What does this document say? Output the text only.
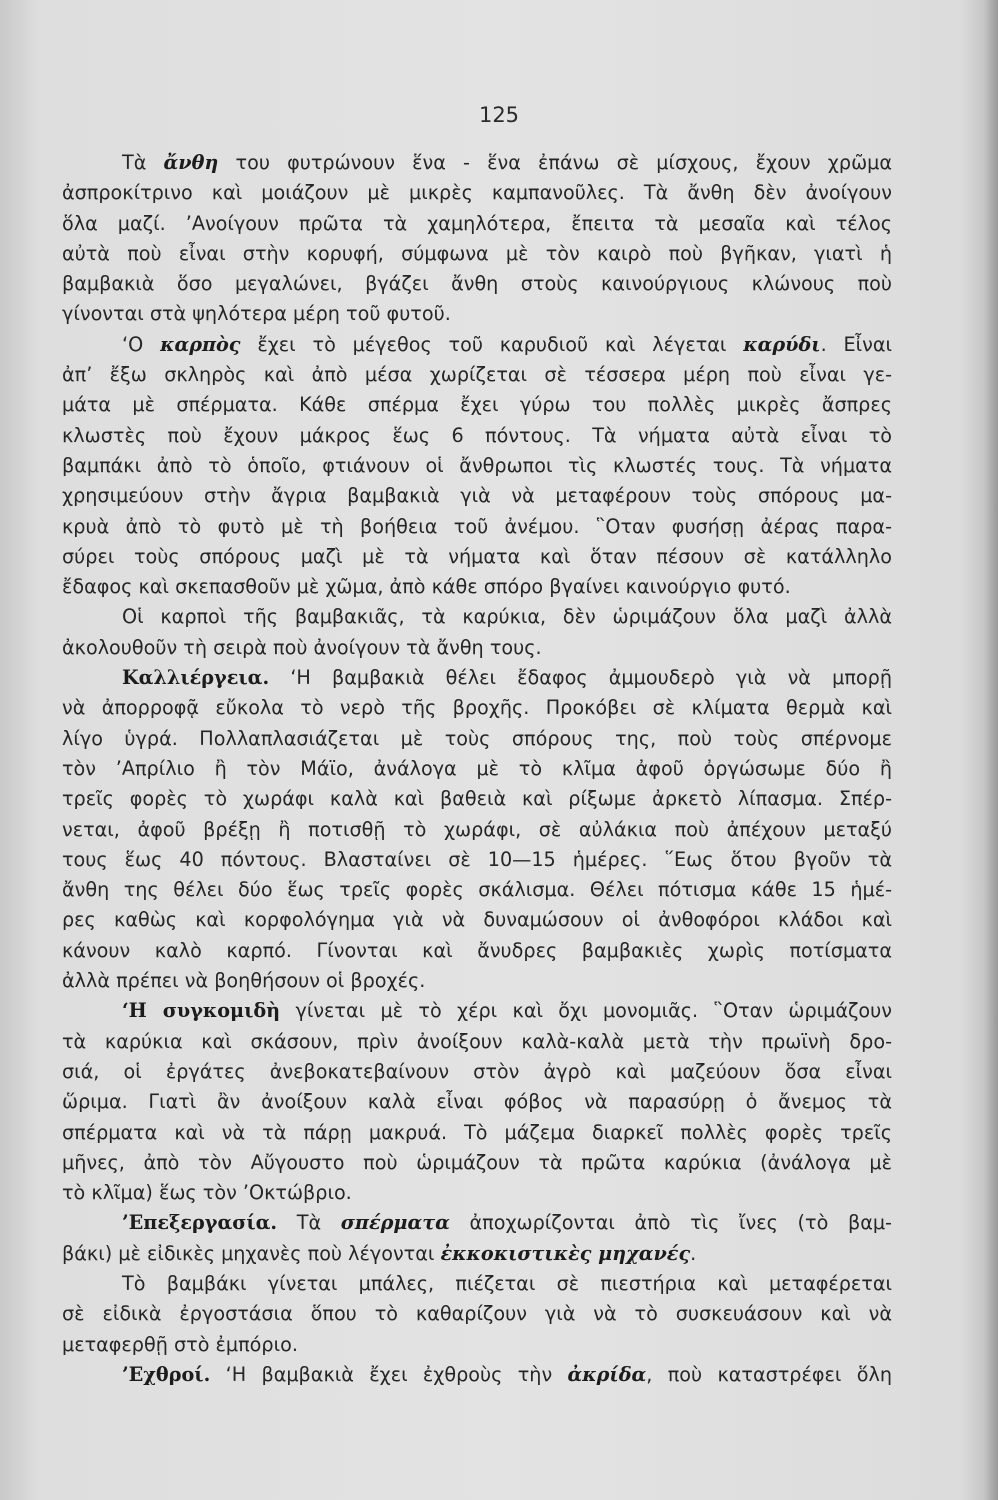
125
Τὰ ἄνθη του φυτρώνουν ἕνα - ἕνα ἐπάνω σὲ μίσχους, ἔχουν χρῶμα
ἀσπροκίτρινο καὶ μοιάζουν μὲ μικρὲς καμπανοῦλες. Τὰ ἄνθη δὲν ἀνοίγουν
ὅλα μαζί. ’Ανοίγουν πρῶτα τὰ χαμηλότερα, ἔπειτα τὰ μεσαῖα καὶ τέλος
αὐτὰ ποὺ εἶναι στὴν κορυφή, σύμφωνα μὲ τὸν καιρὸ ποὺ βγῆκαν, γιατὶ ἡ
βαμβακιὰ ὅσο μεγαλώνει, βγάζει ἄνθη στοὺς καινούργιους κλώνους ποὺ
γίνονται στὰ ψηλότερα μέρη τοῦ φυτοῦ.
‘Ο καρπὸς ἔχει τὸ μέγεθος τοῦ καρυδιοῦ καὶ λέγεται καρύδι. Εἶναι
ἀπ’ ἔξω σκληρὸς καὶ ἀπὸ μέσα χωρίζεται σὲ τέσσερα μέρη ποὺ εἶναι γε-
μάτα μὲ σπέρματα. Κάθε σπέρμα ἔχει γύρω του πολλὲς μικρὲς ἄσπρες
κλωστὲς ποὺ ἔχουν μάκρος ἕως 6 πόντους. Τὰ νήματα αὐτὰ εἶναι τὸ
βαμπάκι ἀπὸ τὸ ὁποῖο, φτιάνουν οἱ ἄνθρωποι τὶς κλωστές τους. Τὰ νήματα
χρησιμεύουν στὴν ἄγρια βαμβακιὰ γιὰ νὰ μεταφέρουν τοὺς σπόρους μα-
κρυὰ ἀπὸ τὸ φυτὸ μὲ τὴ βοήθεια τοῦ ἀνέμου. ῝Οταν φυσήσῃ ἀέρας παρα-
σύρει τοὺς σπόρους μαζὶ μὲ τὰ νήματα καὶ ὅταν πέσουν σὲ κατάλληλο
ἔδαφος καὶ σκεπασθοῦν μὲ χῶμα, ἀπὸ κάθε σπόρο βγαίνει καινούργιο φυτό.
Οἱ καρποὶ τῆς βαμβακιᾶς, τὰ καρύκια, δὲν ὡριμάζουν ὅλα μαζὶ ἀλλὰ
ἀκολουθοῦν τὴ σειρὰ ποὺ ἀνοίγουν τὰ ἄνθη τους.
Καλλιέργεια. ‘Η βαμβακιὰ θέλει ἔδαφος ἀμμουδερὸ γιὰ νὰ μπορῇ
νὰ ἀπορροφᾷ εὔκολα τὸ νερὸ τῆς βροχῆς. Προκόβει σὲ κλίματα θερμὰ καὶ
λίγο ὑγρά. Πολλαπλασιάζεται μὲ τοὺς σπόρους της, ποὺ τοὺς σπέρνομε
τὸν ’Απρίλιο ἢ τὸν Μάϊο, ἀνάλογα μὲ τὸ κλῖμα ἀφοῦ ὀργώσωμε δύο ἢ
τρεῖς φορὲς τὸ χωράφι καλὰ καὶ βαθειὰ καὶ ρίξωμε ἀρκετὸ λίπασμα. Σπέρ-
νεται, ἀφοῦ βρέξῃ ἢ ποτισθῇ τὸ χωράφι, σὲ αὐλάκια ποὺ ἀπέχουν μεταξύ
τους ἕως 40 πόντους. Βλασταίνει σὲ 10—15 ἡμέρες. ῞Εως ὅτου βγοῦν τὰ
ἄνθη της θέλει δύο ἕως τρεῖς φορὲς σκάλισμα. Θέλει πότισμα κάθε 15 ἡμέ-
ρες καθὼς καὶ κορφολόγημα γιὰ νὰ δυναμώσουν οἱ ἀνθοφόροι κλάδοι καὶ
κάνουν καλὸ καρπό. Γίνονται καὶ ἄνυδρες βαμβακιὲς χωρὶς ποτίσματα
ἀλλὰ πρέπει νὰ βοηθήσουν οἱ βροχές.
‘Η συγκομιδὴ γίνεται μὲ τὸ χέρι καὶ ὄχι μονομιᾶς. ῝Οταν ὡριμάζουν
τὰ καρύκια καὶ σκάσουν, πρὶν ἀνοίξουν καλὰ-καλὰ μετὰ τὴν πρωϊνὴ δρο-
σιά, οἱ ἐργάτες ἀνεβοκατεβαίνουν στὸν ἀγρὸ καὶ μαζεύουν ὅσα εἶναι
ὥριμα. Γιατὶ ἂν ἀνοίξουν καλὰ εἶναι φόβος νὰ παρασύρῃ ὁ ἄνεμος τὰ
σπέρματα καὶ νὰ τὰ πάρῃ μακρυά. Τὸ μάζεμα διαρκεῖ πολλὲς φορὲς τρεῖς
μῆνες, ἀπὸ τὸν Αὔγουστο ποὺ ὡριμάζουν τὰ πρῶτα καρύκια (ἀνάλογα μὲ
τὸ κλῖμα) ἕως τὸν ’Οκτώβριο.
’Επεξεργασία. Τὰ σπέρματα ἀποχωρίζονται ἀπὸ τὶς ἴνες (τὸ βαμ-
βάκι) μὲ εἰδικὲς μηχανὲς ποὺ λέγονται ἐκκοκιστικὲς μηχανές.
Τὸ βαμβάκι γίνεται μπάλες, πιέζεται σὲ πιεστήρια καὶ μεταφέρεται
σὲ εἰδικὰ ἐργοστάσια ὅπου τὸ καθαρίζουν γιὰ νὰ τὸ συσκευάσουν καὶ νὰ
μεταφερθῇ στὸ ἐμπόριο.
’Εχθροί. ‘Η βαμβακιὰ ἔχει ἐχθροὺς τὴν ἀκρίδα, ποὺ καταστρέφει ὅλη
